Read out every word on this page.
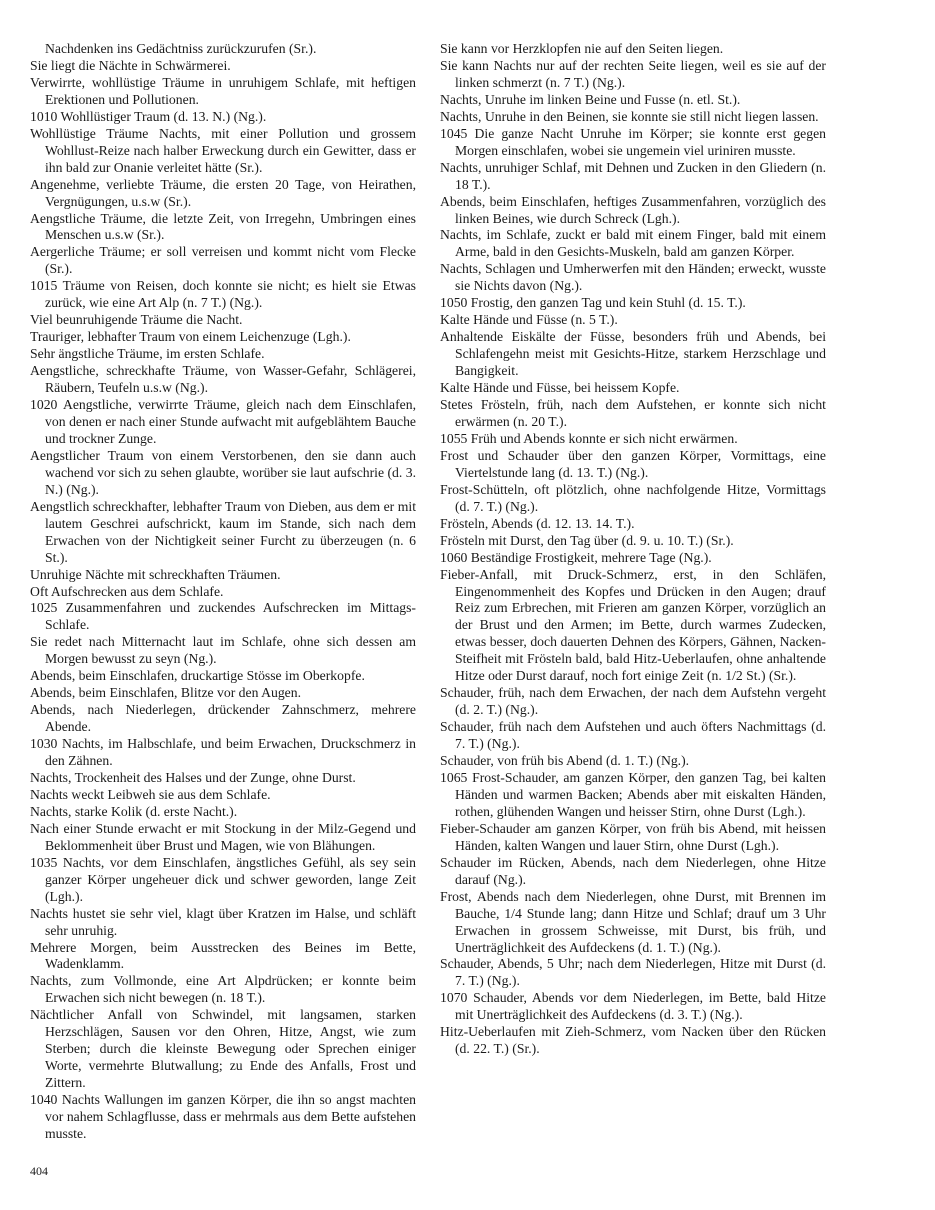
Nachdenken ins Gedächtniss zurückzurufen (Sr.).
Sie liegt die Nächte in Schwärmerei.
Verwirrte, wohllüstige Träume in unruhigem Schlafe, mit heftigen Erektionen und Pollutionen.
1010 Wohllüstiger Traum (d. 13. N.) (Ng.).
Wohllüstige Träume Nachts, mit einer Pollution und grossem Wohllust-Reize nach halber Erweckung durch ein Gewitter, dass er ihn bald zur Onanie verleitet hätte (Sr.).
Angenehme, verliebte Träume, die ersten 20 Tage, von Heirathen, Vergnügungen, u.s.w (Sr.).
Aengstliche Träume, die letzte Zeit, von Irregehn, Umbringen eines Menschen u.s.w (Sr.).
Aergerliche Träume; er soll verreisen und kommt nicht vom Flecke (Sr.).
1015 Träume von Reisen, doch konnte sie nicht; es hielt sie Etwas zurück, wie eine Art Alp (n. 7 T.) (Ng.).
Viel beunruhigende Träume die Nacht.
Trauriger, lebhafter Traum von einem Leichenzuge (Lgh.).
Sehr ängstliche Träume, im ersten Schlafe.
Aengstliche, schreckhafte Träume, von Wasser-Gefahr, Schlägerei, Räubern, Teufeln u.s.w (Ng.).
1020 Aengstliche, verwirrte Träume, gleich nach dem Einschlafen, von denen er nach einer Stunde aufwacht mit aufgeblähtem Bauche und trockner Zunge.
Aengstlicher Traum von einem Verstorbenen, den sie dann auch wachend vor sich zu sehen glaubte, worüber sie laut aufschrie (d. 3. N.) (Ng.).
Aengstlich schreckhafter, lebhafter Traum von Dieben, aus dem er mit lautem Geschrei aufschrickt, kaum im Stande, sich nach dem Erwachen von der Nichtigkeit seiner Furcht zu überzeugen (n. 6 St.).
Unruhige Nächte mit schreckhaften Träumen.
Oft Aufschrecken aus dem Schlafe.
1025 Zusammenfahren und zuckendes Aufschrecken im Mittags-Schlafe.
Sie redet nach Mitternacht laut im Schlafe, ohne sich dessen am Morgen bewusst zu seyn (Ng.).
Abends, beim Einschlafen, druckartige Stösse im Oberkopfe.
Abends, beim Einschlafen, Blitze vor den Augen.
Abends, nach Niederlegen, drückender Zahnschmerz, mehrere Abende.
1030 Nachts, im Halbschlafe, und beim Erwachen, Druckschmerz in den Zähnen.
Nachts, Trockenheit des Halses und der Zunge, ohne Durst.
Nachts weckt Leibweh sie aus dem Schlafe.
Nachts, starke Kolik (d. erste Nacht.).
Nach einer Stunde erwacht er mit Stockung in der Milz-Gegend und Beklommenheit über Brust und Magen, wie von Blähungen.
1035 Nachts, vor dem Einschlafen, ängstliches Gefühl, als sey sein ganzer Körper ungeheuer dick und schwer geworden, lange Zeit (Lgh.).
Nachts hustet sie sehr viel, klagt über Kratzen im Halse, und schläft sehr unruhig.
Mehrere Morgen, beim Ausstrecken des Beines im Bette, Wadenklamm.
Nachts, zum Vollmonde, eine Art Alpdrücken; er konnte beim Erwachen sich nicht bewegen (n. 18 T.).
Nächtlicher Anfall von Schwindel, mit langsamen, starken Herzschlägen, Sausen vor den Ohren, Hitze, Angst, wie zum Sterben; durch die kleinste Bewegung oder Sprechen einiger Worte, vermehrte Blutwallung; zu Ende des Anfalls, Frost und Zittern.
1040 Nachts Wallungen im ganzen Körper, die ihn so angst machten vor nahem Schlagflusse, dass er mehrmals aus dem Bette aufstehen musste.
Sie kann vor Herzklopfen nie auf den Seiten liegen.
Sie kann Nachts nur auf der rechten Seite liegen, weil es sie auf der linken schmerzt (n. 7 T.) (Ng.).
Nachts, Unruhe im linken Beine und Fusse (n. etl. St.).
Nachts, Unruhe in den Beinen, sie konnte sie still nicht liegen lassen.
1045 Die ganze Nacht Unruhe im Körper; sie konnte erst gegen Morgen einschlafen, wobei sie ungemein viel uriniren musste.
Nachts, unruhiger Schlaf, mit Dehnen und Zucken in den Gliedern (n. 18 T.).
Abends, beim Einschlafen, heftiges Zusammenfahren, vorzüglich des linken Beines, wie durch Schreck (Lgh.).
Nachts, im Schlafe, zuckt er bald mit einem Finger, bald mit einem Arme, bald in den Gesichts-Muskeln, bald am ganzen Körper.
Nachts, Schlagen und Umherwerfen mit den Händen; erweckt, wusste sie Nichts davon (Ng.).
1050 Frostig, den ganzen Tag und kein Stuhl (d. 15. T.).
Kalte Hände und Füsse (n. 5 T.).
Anhaltende Eiskälte der Füsse, besonders früh und Abends, bei Schlafengehn meist mit Gesichts-Hitze, starkem Herzschlage und Bangigkeit.
Kalte Hände und Füsse, bei heissem Kopfe.
Stetes Frösteln, früh, nach dem Aufstehen, er konnte sich nicht erwärmen (n. 20 T.).
1055 Früh und Abends konnte er sich nicht erwärmen.
Frost und Schauder über den ganzen Körper, Vormittags, eine Viertelstunde lang (d. 13. T.) (Ng.).
Frost-Schütteln, oft plötzlich, ohne nachfolgende Hitze, Vormittags (d. 7. T.) (Ng.).
Frösteln, Abends (d. 12. 13. 14. T.).
Frösteln mit Durst, den Tag über (d. 9. u. 10. T.) (Sr.).
1060 Beständige Frostigkeit, mehrere Tage (Ng.).
Fieber-Anfall, mit Druck-Schmerz, erst, in den Schläfen, Eingenommenheit des Kopfes und Drücken in den Augen; drauf Reiz zum Erbrechen, mit Frieren am ganzen Körper, vorzüglich an der Brust und den Armen; im Bette, durch warmes Zudecken, etwas besser, doch dauerten Dehnen des Körpers, Gähnen, Nacken-Steifheit mit Frösteln bald, bald Hitz-Ueberlaufen, ohne anhaltende Hitze oder Durst darauf, noch fort einige Zeit (n. 1/2 St.) (Sr.).
Schauder, früh, nach dem Erwachen, der nach dem Aufstehn vergeht (d. 2. T.) (Ng.).
Schauder, früh nach dem Aufstehen und auch öfters Nachmittags (d. 7. T.) (Ng.).
Schauder, von früh bis Abend (d. 1. T.) (Ng.).
1065 Frost-Schauder, am ganzen Körper, den ganzen Tag, bei kalten Händen und warmen Backen; Abends aber mit eiskalten Händen, rothen, glühenden Wangen und heisser Stirn, ohne Durst (Lgh.).
Fieber-Schauder am ganzen Körper, von früh bis Abend, mit heissen Händen, kalten Wangen und lauer Stirn, ohne Durst (Lgh.).
Schauder im Rücken, Abends, nach dem Niederlegen, ohne Hitze darauf (Ng.).
Frost, Abends nach dem Niederlegen, ohne Durst, mit Brennen im Bauche, 1/4 Stunde lang; dann Hitze und Schlaf; drauf um 3 Uhr Erwachen in grossem Schweisse, mit Durst, bis früh, und Unerträglichkeit des Aufdeckens (d. 1. T.) (Ng.).
Schauder, Abends, 5 Uhr; nach dem Niederlegen, Hitze mit Durst (d. 7. T.) (Ng.).
1070 Schauder, Abends vor dem Niederlegen, im Bette, bald Hitze mit Unerträglichkeit des Aufdeckens (d. 3. T.) (Ng.).
Hitz-Ueberlaufen mit Zieh-Schmerz, vom Nacken über den Rücken (d. 22. T.) (Sr.).
404
